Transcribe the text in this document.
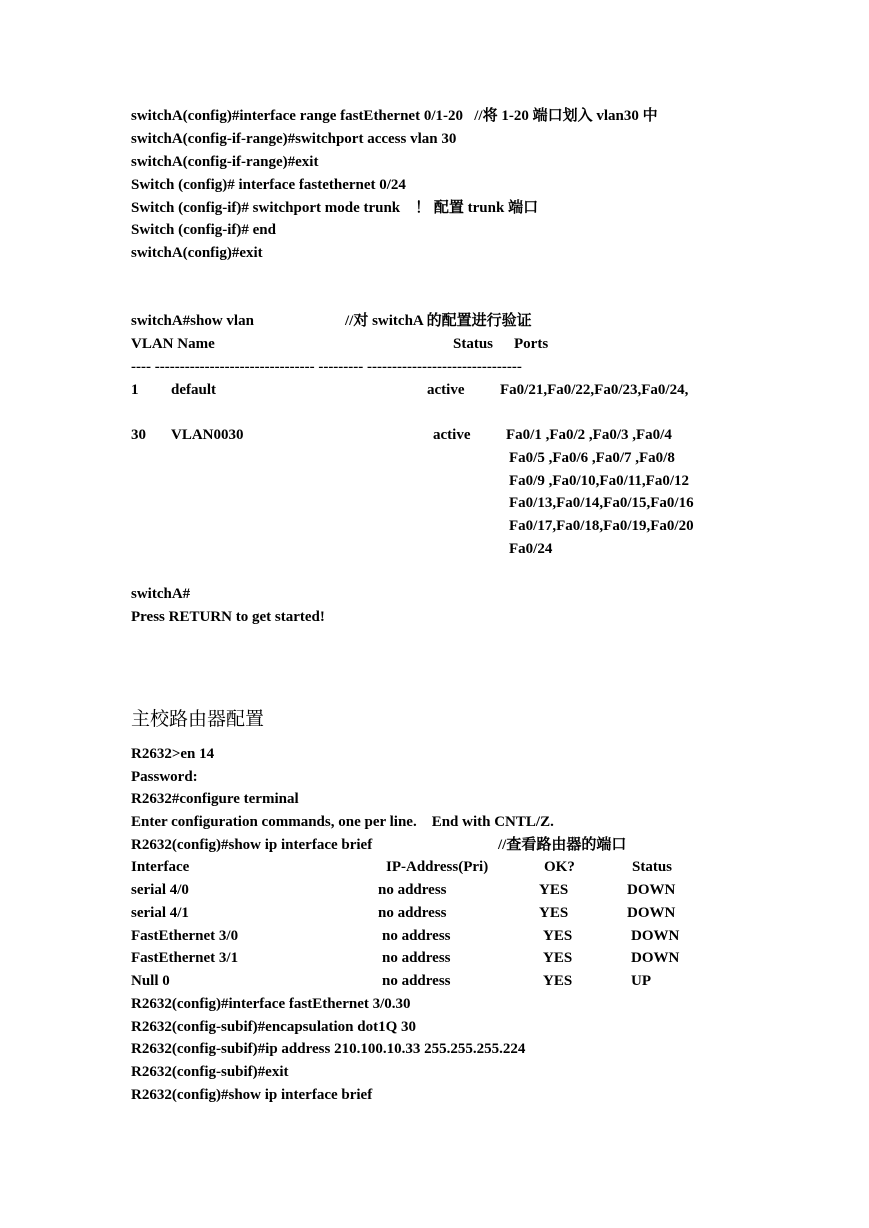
switchA(config)#interface range fastEthernet 0/1-20   //将 1-20 端口划入 vlan30 中
switchA(config-if-range)#switchport access vlan 30
switchA(config-if-range)#exit
Switch (config)# interface fastethernet 0/24
Switch (config-if)# switchport mode trunk    ！ 配置 trunk 端口
Switch (config-if)# end
switchA(config)#exit
switchA#show vlan	//对 switchA 的配置进行验证
VLAN Name	Status Ports
---- -------------------------------- --------- -------------------------------
1 default	active Fa0/21,Fa0/22,Fa0/23,Fa0/24,
30 VLAN0030	active Fa0/1 ,Fa0/2 ,Fa0/3 ,Fa0/4
Fa0/5 ,Fa0/6 ,Fa0/7 ,Fa0/8
Fa0/9 ,Fa0/10,Fa0/11,Fa0/12
Fa0/13,Fa0/14,Fa0/15,Fa0/16
Fa0/17,Fa0/18,Fa0/19,Fa0/20
Fa0/24
switchA#
Press RETURN to get started!
主校路由器配置
R2632>en 14
Password:
R2632#configure terminal
Enter configuration commands, one per line.    End with CNTL/Z.
R2632(config)#show ip interface brief	//查看路由器的端口
Interface	IP-Address(Pri)	OK?	Status
serial 4/0	no address	YES	DOWN
serial 4/1	no address	YES	DOWN
FastEthernet 3/0	no address	YES	DOWN
FastEthernet 3/1	no address	YES	DOWN
Null 0	no address	YES	UP
R2632(config)#interface fastEthernet 3/0.30
R2632(config-subif)#encapsulation dot1Q 30
R2632(config-subif)#ip address 210.100.10.33 255.255.255.224
R2632(config-subif)#exit
R2632(config)#show ip interface brief
